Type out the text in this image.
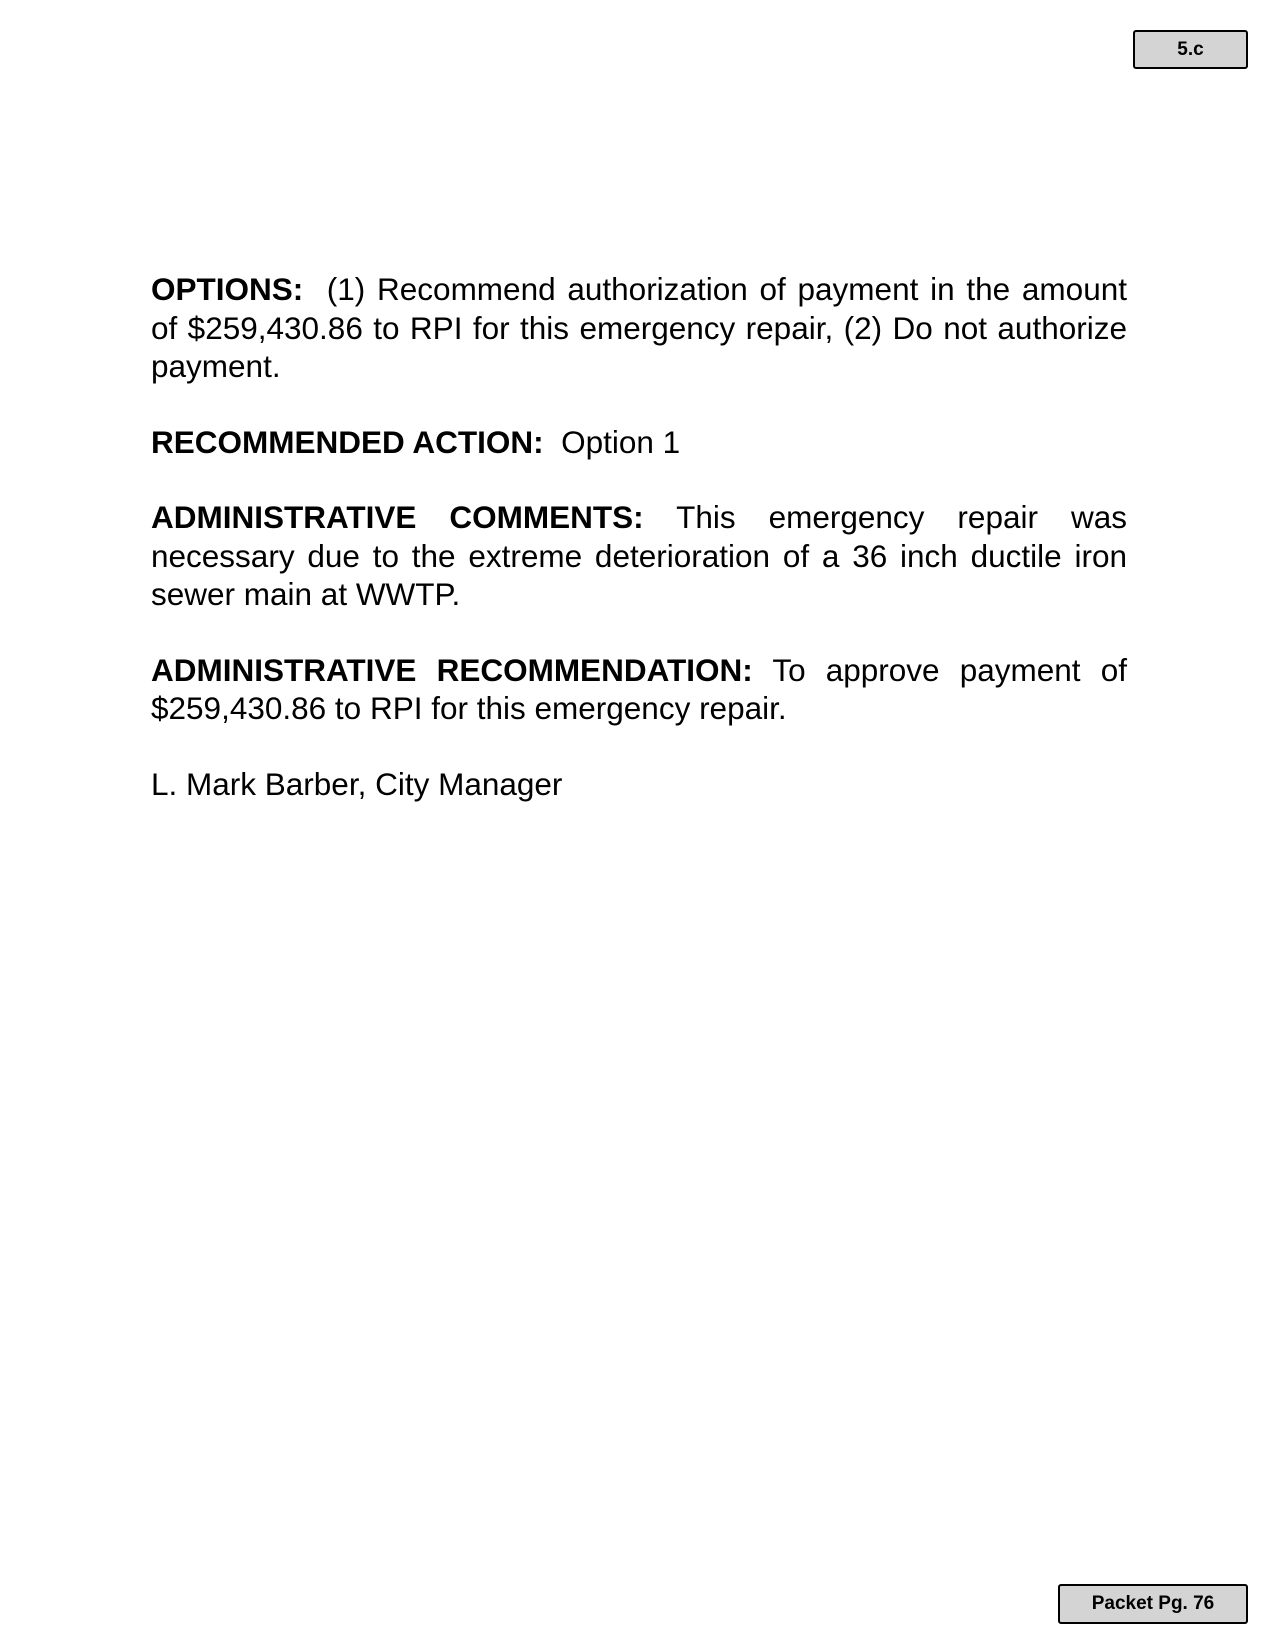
5.c

OPTIONS: (1) Recommend authorization of payment in the amount of $259,430.86 to RPI for this emergency repair, (2) Do not authorize payment.

RECOMMENDED ACTION: Option 1

ADMINISTRATIVE COMMENTS: This emergency repair was necessary due to the extreme deterioration of a 36 inch ductile iron sewer main at WWTP.

ADMINISTRATIVE RECOMMENDATION: To approve payment of $259,430.86 to RPI for this emergency repair.

L. Mark Barber, City Manager

Packet Pg. 76
